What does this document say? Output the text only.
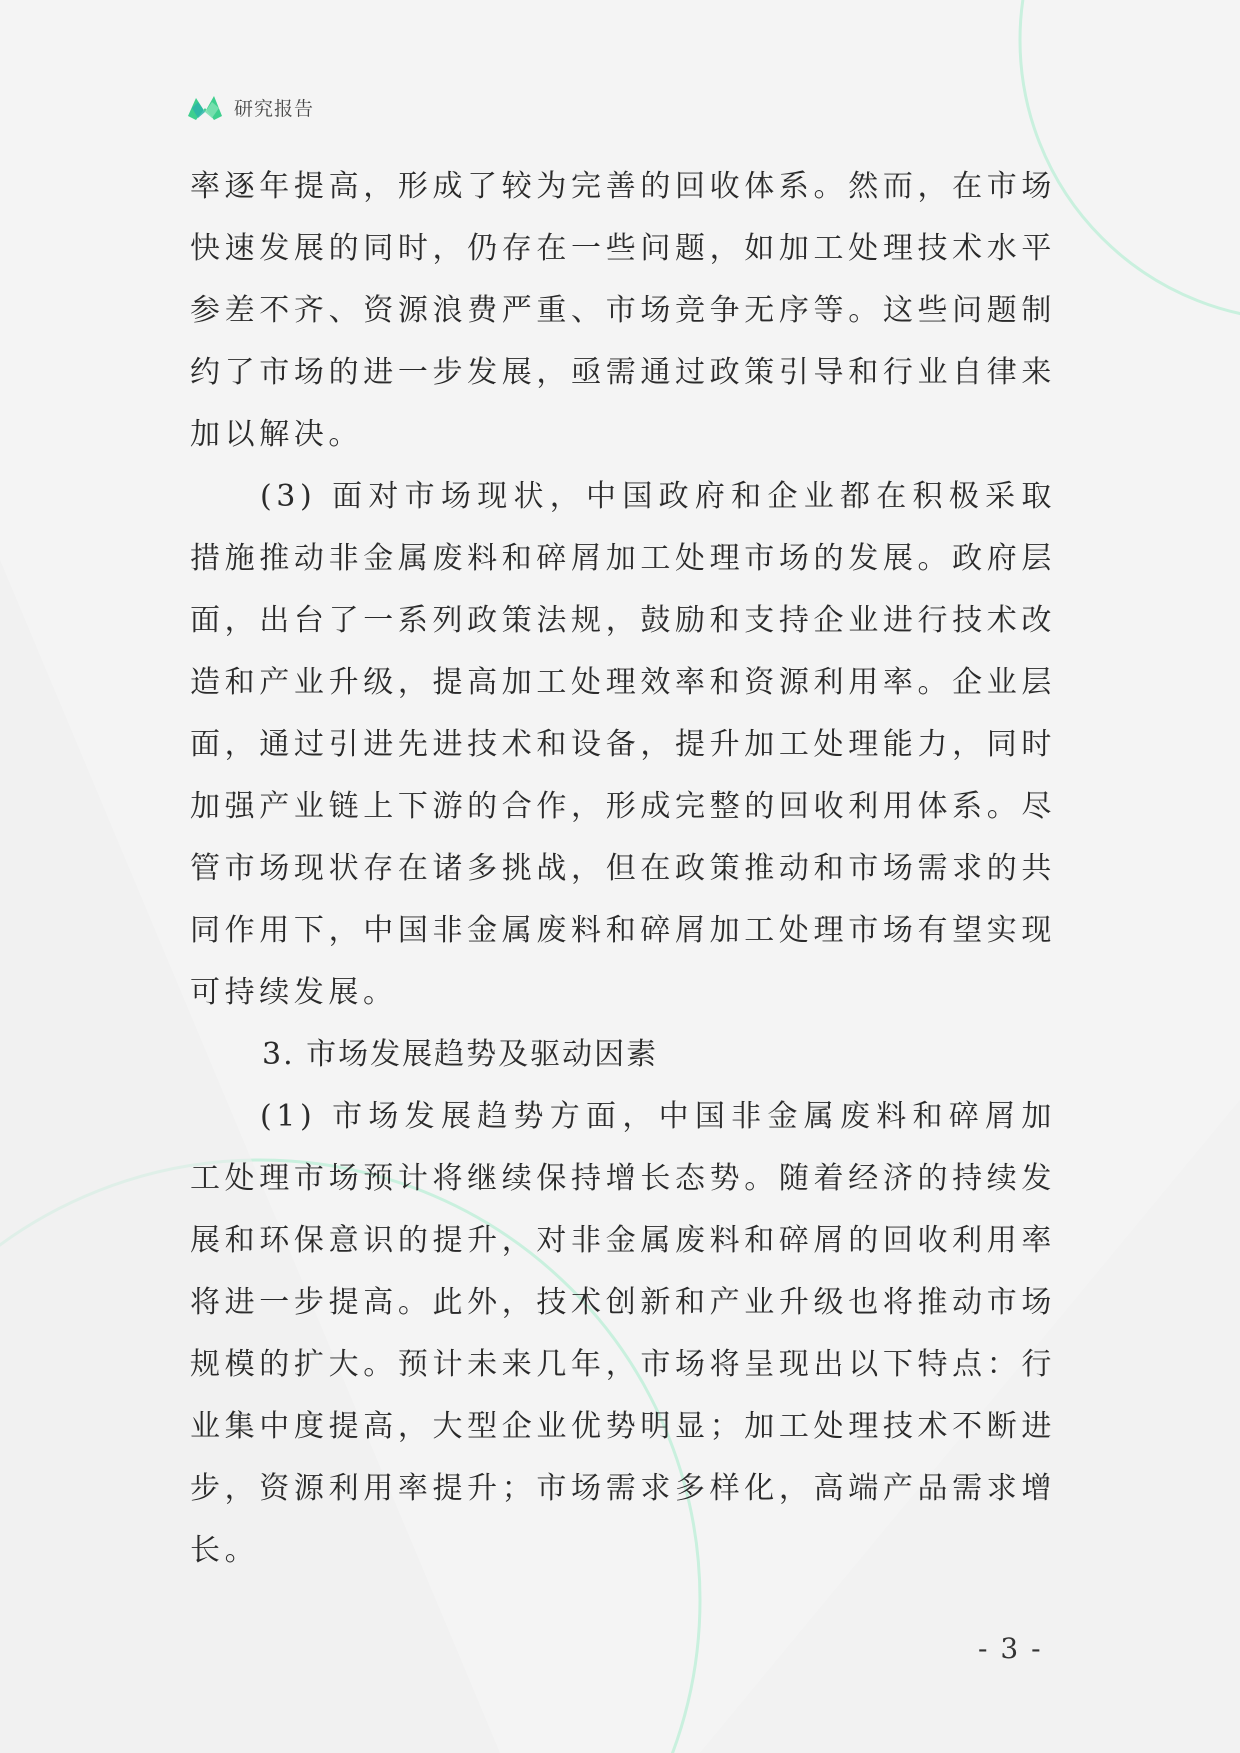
研究报告

率逐年提高，形成了较为完善的回收体系。然而，在市场快速发展的同时，仍存在一些问题，如加工处理技术水平参差不齐、资源浪费严重、市场竞争无序等。这些问题制约了市场的进一步发展，亟需通过政策引导和行业自律来加以解决。

(3) 面对市场现状，中国政府和企业都在积极采取措施推动非金属废料和碎屑加工处理市场的发展。政府层面，出台了一系列政策法规，鼓励和支持企业进行技术改造和产业升级，提高加工处理效率和资源利用率。企业层面，通过引进先进技术和设备，提升加工处理能力，同时加强产业链上下游的合作，形成完整的回收利用体系。尽管市场现状存在诸多挑战，但在政策推动和市场需求的共同作用下，中国非金属废料和碎屑加工处理市场有望实现可持续发展。

3. 市场发展趋势及驱动因素

(1) 市场发展趋势方面，中国非金属废料和碎屑加工处理市场预计将继续保持增长态势。随着经济的持续发展和环保意识的提升，对非金属废料和碎屑的回收利用率将进一步提高。此外，技术创新和产业升级也将推动市场规模的扩大。预计未来几年，市场将呈现出以下特点：行业集中度提高，大型企业优势明显；加工处理技术不断进步，资源利用率提升；市场需求多样化，高端产品需求增长。

- 3 -
